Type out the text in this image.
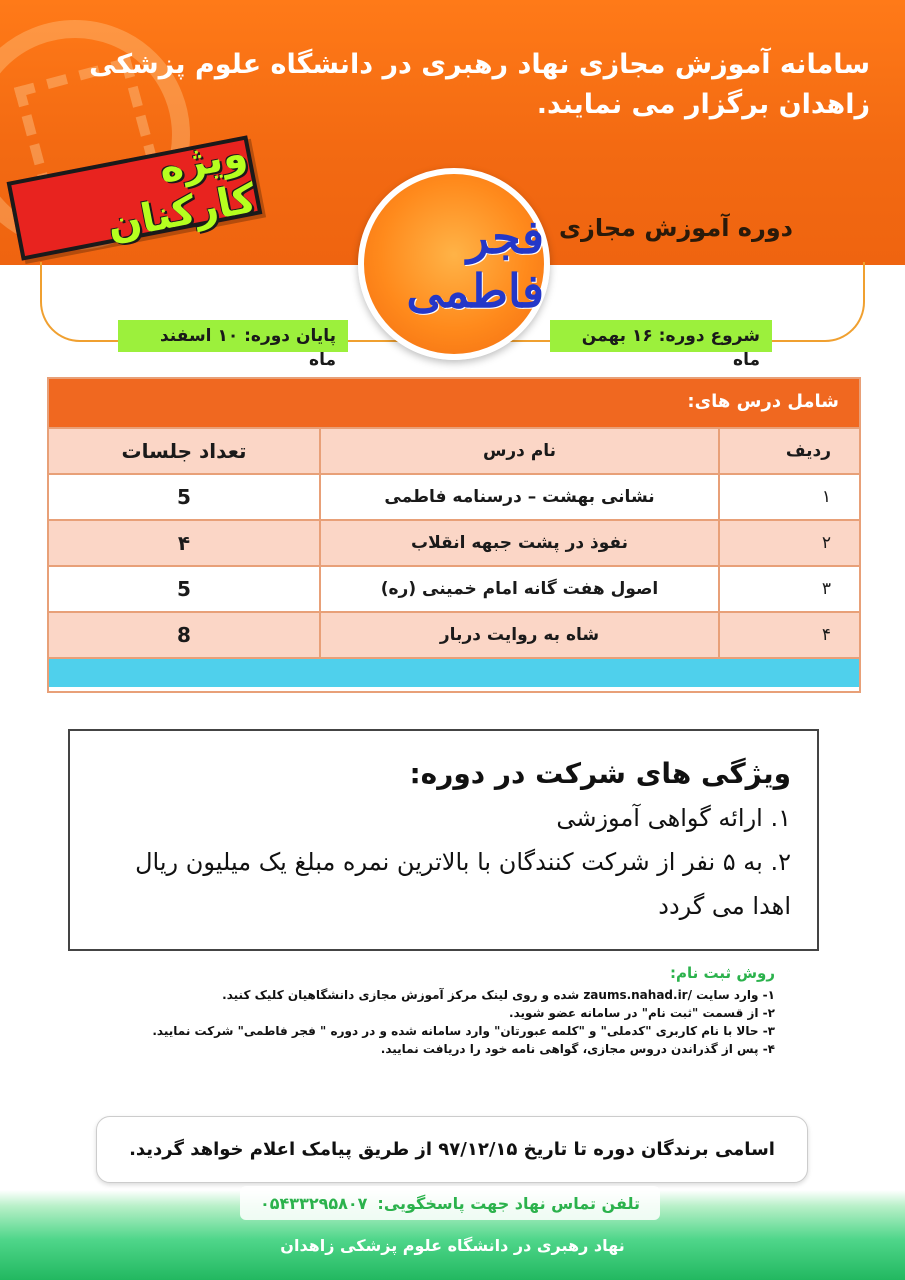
سامانه آموزش مجازی نهاد رهبری در دانشگاه علوم پزشکی زاهدان برگزار می نمایند.
دوره آموزش مجازی
ویژه کارکنان
شروع دوره: ۱۶ بهمن ماه
پایان دوره: ۱۰ اسفند ماه
فجر فاطمی
شامل درس های:
ردیف
نام درس
تعداد جلسات
۱
نشانی بهشت – درسنامه فاطمی
5
۲
نفوذ در پشت جبهه انقلاب
۴
۳
اصول هفت گانه امام خمینی (ره)
5
۴
شاه به روایت دربار
8
ویژگی های شرکت در دوره:

۱. ارائه گواهی آموزشی

۲. به ۵ نفر از شرکت کنندگان با بالاترین نمره مبلغ یک میلیون ریال

اهدا می گردد

روش ثبت نام:

۱- وارد سایت /zaums.nahad.ir شده و روی لینک مرکز آموزش مجازی دانشگاهیان کلیک کنید.

۲- از قسمت "ثبت نام" در سامانه عضو شوید.

۳- حالا با نام کاربری "کدملی" و "کلمه عبورتان" وارد سامانه شده و در دوره " فجر فاطمی" شرکت نمایید.

۴- پس از گذراندن دروس مجازی، گواهی نامه خود را دریافت نمایید.

اسامی برندگان دوره تا تاریخ ۹۷/۱۲/۱۵ از طریق پیامک اعلام خواهد گردید.
تلفن تماس نهاد جهت پاسخگویی:
۰۵۴۳۳۲۹۵۸۰۷
نهاد رهبری در دانشگاه علوم پزشکی زاهدان
